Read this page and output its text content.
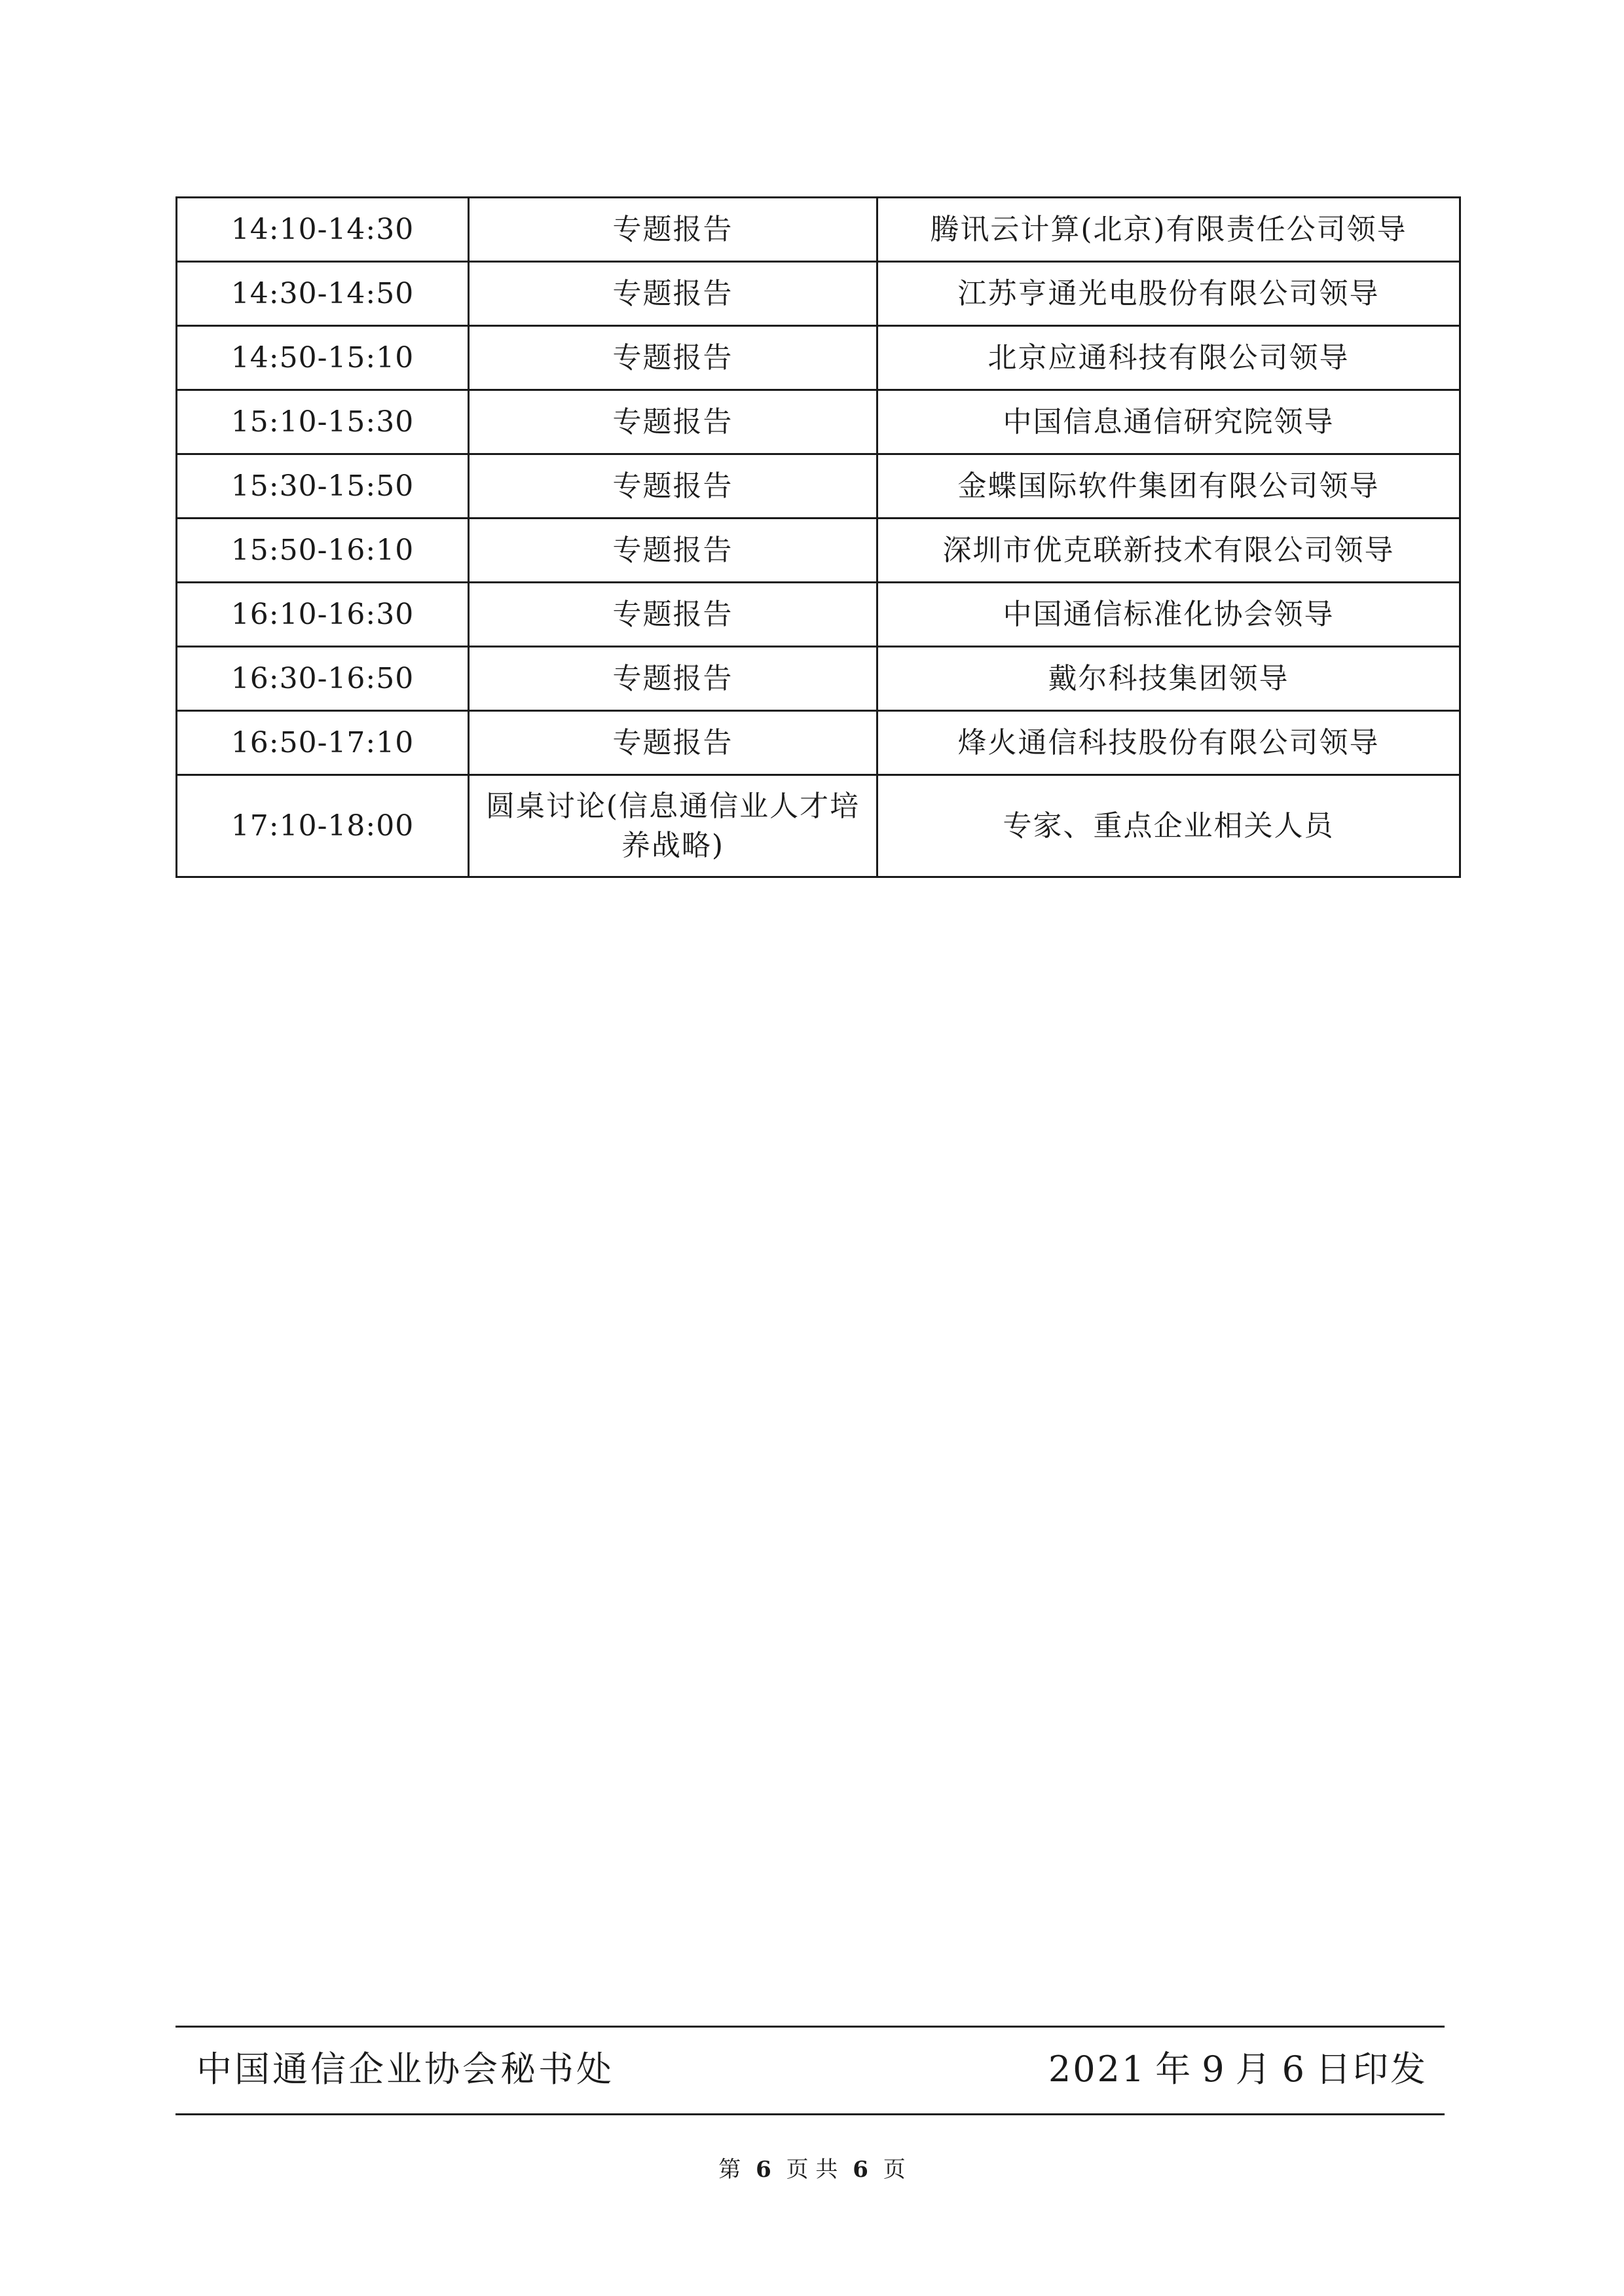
14:10-14:30	专题报告	腾讯云计算(北京)有限责任公司领导
14:30-14:50	专题报告	江苏亨通光电股份有限公司领导
14:50-15:10	专题报告	北京应通科技有限公司领导
15:10-15:30	专题报告	中国信息通信研究院领导
15:30-15:50	专题报告	金蝶国际软件集团有限公司领导
15:50-16:10	专题报告	深圳市优克联新技术有限公司领导
16:10-16:30	专题报告	中国通信标准化协会领导
16:30-16:50	专题报告	戴尔科技集团领导
16:50-17:10	专题报告	烽火通信科技股份有限公司领导
17:10-18:00	圆桌讨论(信息通信业人才培养战略)	专家、重点企业相关人员
中国通信企业协会秘书处	2021 年 9 月 6 日印发
第 6 页 共 6 页
